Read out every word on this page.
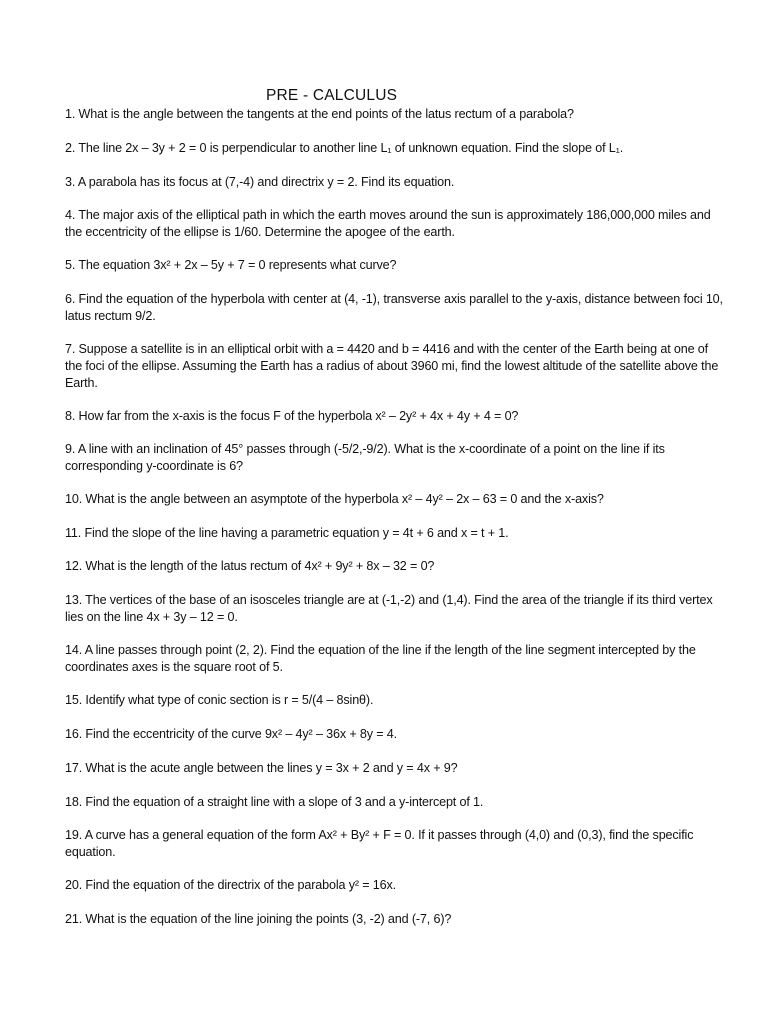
PRE - CALCULUS
1. What is the angle between the tangents at the end points of the latus rectum of a parabola?
2. The line 2x – 3y + 2 = 0 is perpendicular to another line L₁ of unknown equation. Find the slope of L₁.
3. A parabola has its focus at (7,-4) and directrix y = 2. Find its equation.
4. The major axis of the elliptical path in which the earth moves around the sun is approximately 186,000,000 miles and the eccentricity of the ellipse is 1/60. Determine the apogee of the earth.
5. The equation 3x² + 2x – 5y + 7 = 0 represents what curve?
6. Find the equation of the hyperbola with center at (4, -1), transverse axis parallel to the y-axis, distance between foci 10, latus rectum 9/2.
7. Suppose a satellite is in an elliptical orbit with a = 4420 and b = 4416 and with the center of the Earth being at one of the foci of the ellipse. Assuming the Earth has a radius of about 3960 mi, find the lowest altitude of the satellite above the Earth.
8. How far from the x-axis is the focus F of the hyperbola x² – 2y² + 4x + 4y + 4 = 0?
9. A line with an inclination of 45° passes through (-5/2,-9/2). What is the x-coordinate of a point on the line if its corresponding y-coordinate is 6?
10. What is the angle between an asymptote of the hyperbola x² – 4y² – 2x – 63 = 0 and the x-axis?
11. Find the slope of the line having a parametric equation y = 4t + 6 and x = t + 1.
12. What is the length of the latus rectum of 4x² + 9y² + 8x – 32 = 0?
13. The vertices of the base of an isosceles triangle are at (-1,-2) and (1,4). Find the area of the triangle if its third vertex lies on the line 4x + 3y – 12 = 0.
14. A line passes through point (2, 2). Find the equation of the line if the length of the line segment intercepted by the coordinates axes is the square root of 5.
15. Identify what type of conic section is r = 5/(4 – 8sinθ).
16. Find the eccentricity of the curve 9x² – 4y² – 36x + 8y = 4.
17. What is the acute angle between the lines y = 3x + 2 and y = 4x + 9?
18. Find the equation of a straight line with a slope of 3 and a y-intercept of 1.
19. A curve has a general equation of the form Ax² + By² + F = 0. If it passes through (4,0) and (0,3), find the specific equation.
20. Find the equation of the directrix of the parabola y² = 16x.
21. What is the equation of the line joining the points (3, -2) and (-7, 6)?
